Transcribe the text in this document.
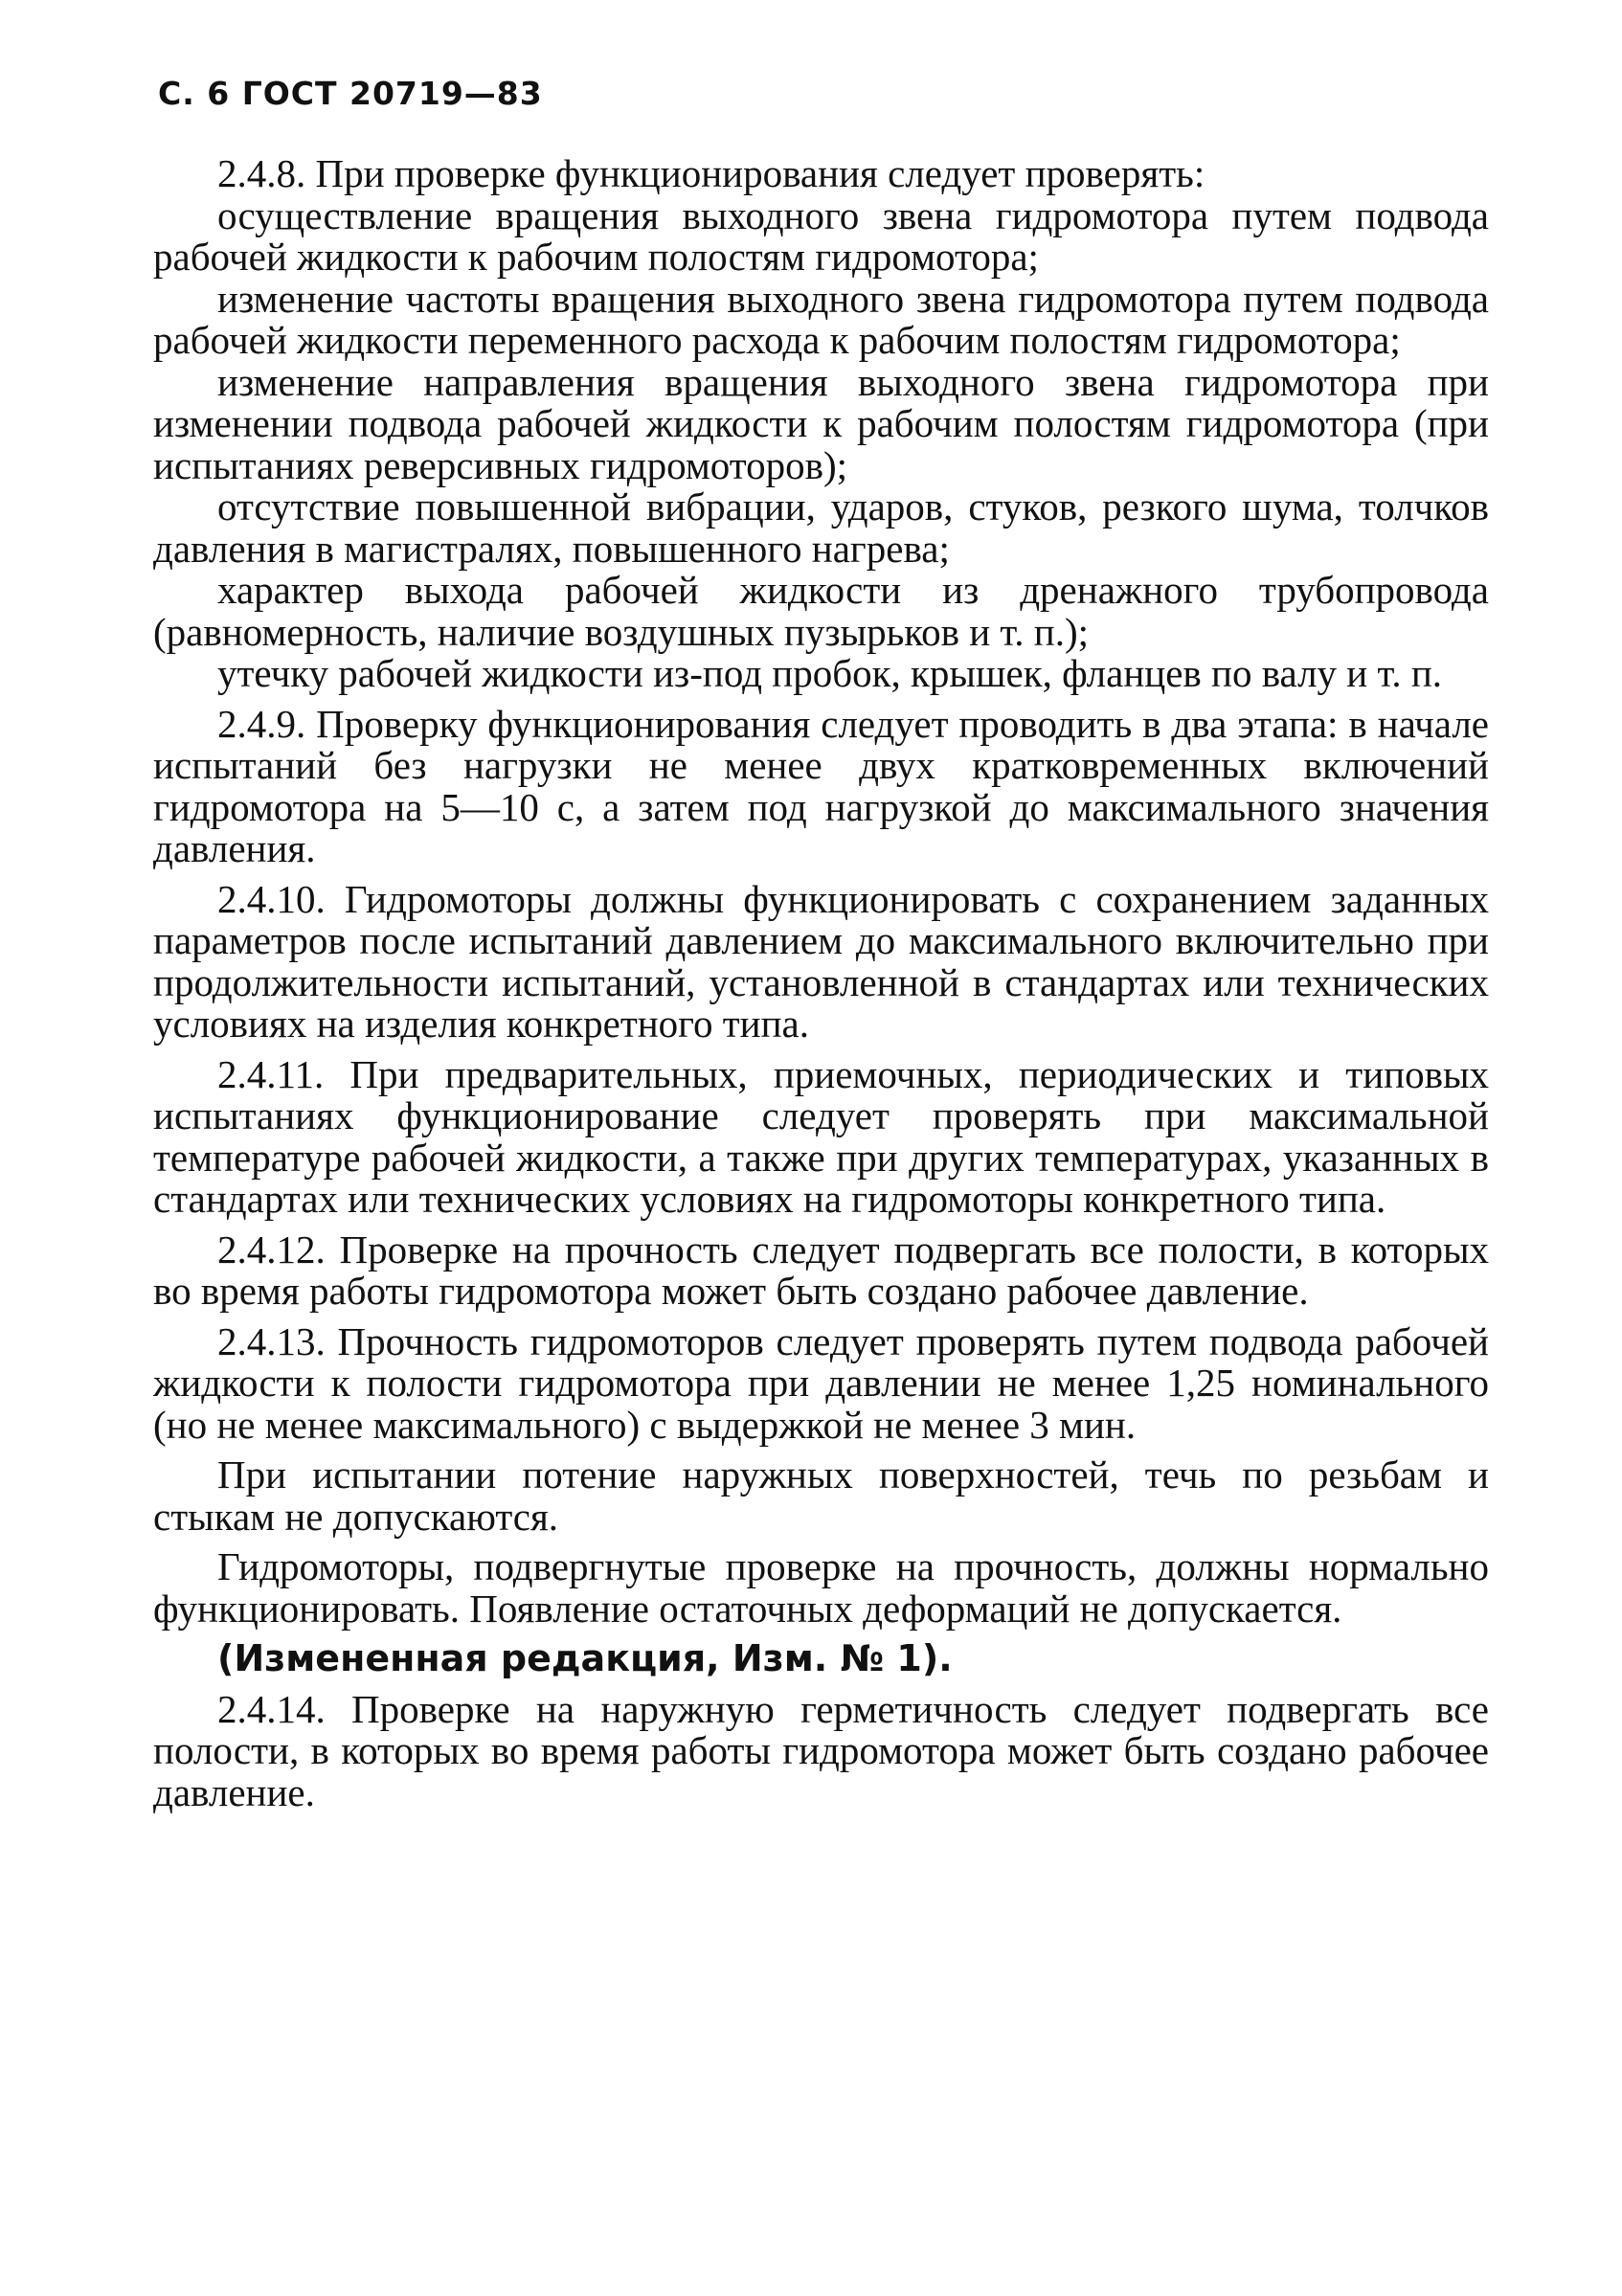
С. 6 ГОСТ 20719—83

2.4.8. При проверке функционирования следует проверять:

осуществление вращения выходного звена гидромотора путем подвода рабочей жидкости к рабочим полостям гидромотора;

изменение частоты вращения выходного звена гидромотора путем подвода рабочей жидкости переменного расхода к рабочим полостям гидромотора;

изменение направления вращения выходного звена гидромотора при изменении подвода рабочей жидкости к рабочим полостям гидромотора (при испытаниях реверсивных гидромоторов);

отсутствие повышенной вибрации, ударов, стуков, резкого шума, толчков давления в магистралях, повышенного нагрева;

характер выхода рабочей жидкости из дренажного трубопровода (равномерность, наличие воздушных пузырьков и т. п.);

утечку рабочей жидкости из-под пробок, крышек, фланцев по валу и т. п.

2.4.9. Проверку функционирования следует проводить в два этапа: в начале испытаний без нагрузки не менее двух кратковременных включений гидромотора на 5—10 с, а затем под нагрузкой до максимального значения давления.

2.4.10. Гидромоторы должны функционировать с сохранением заданных параметров после испытаний давлением до максимального включительно при продолжительности испытаний, установленной в стандартах или технических условиях на изделия конкретного типа.

2.4.11. При предварительных, приемочных, периодических и типовых испытаниях функционирование следует проверять при максимальной температуре рабочей жидкости, а также при других температурах, указанных в стандартах или технических условиях на гидромоторы конкретного типа.

2.4.12. Проверке на прочность следует подвергать все полости, в которых во время работы гидромотора может быть создано рабочее давление.

2.4.13. Прочность гидромоторов следует проверять путем подвода рабочей жидкости к полости гидромотора при давлении не менее 1,25 номинального (но не менее максимального) с выдержкой не менее 3 мин.

При испытании потение наружных поверхностей, течь по резьбам и стыкам не допускаются.

Гидромоторы, подвергнутые проверке на прочность, должны нормально функционировать. Появление остаточных деформаций не допускается.

(Измененная редакция, Изм. № 1).

2.4.14. Проверке на наружную герметичность следует подвергать все полости, в которых во время работы гидромотора может быть создано рабочее давление.
